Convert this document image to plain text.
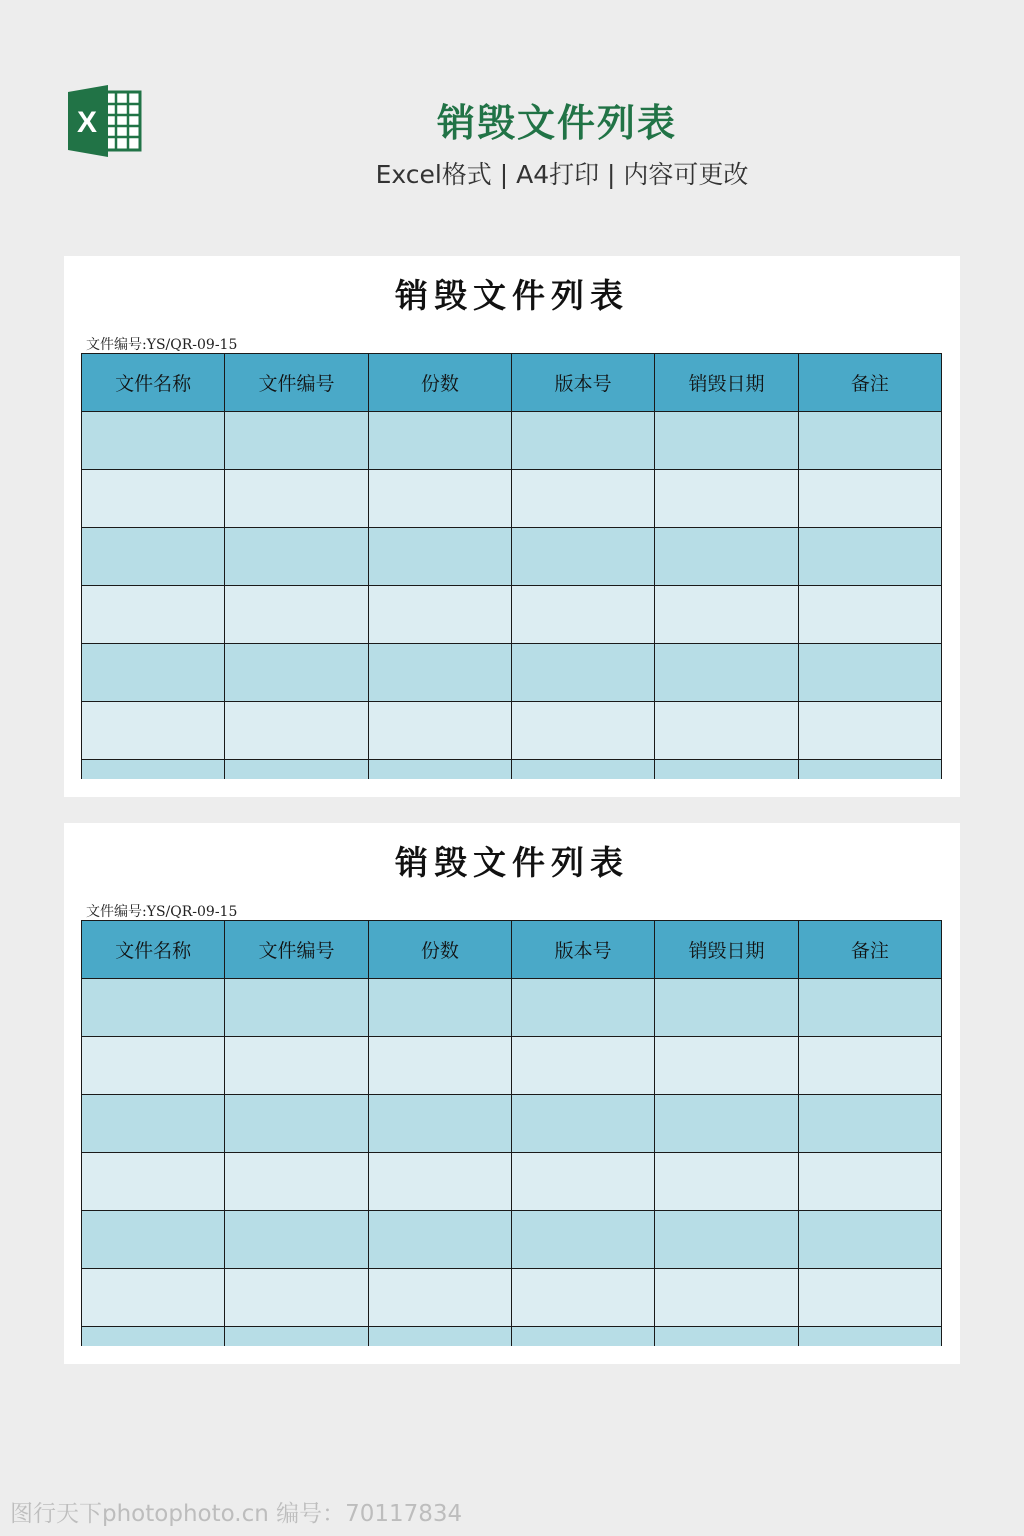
X	销毁文件列表
Excel格式 | A4打印 | 内容可更改
销毁文件列表
文件编号:YS/QR-09-15
文件名称	文件编号	份数	版本号	销毁日期	备注

销毁文件列表
文件编号:YS/QR-09-15
文件名称	文件编号	份数	版本号	销毁日期	备注

图行天下photophoto.cn 编号：70117834
